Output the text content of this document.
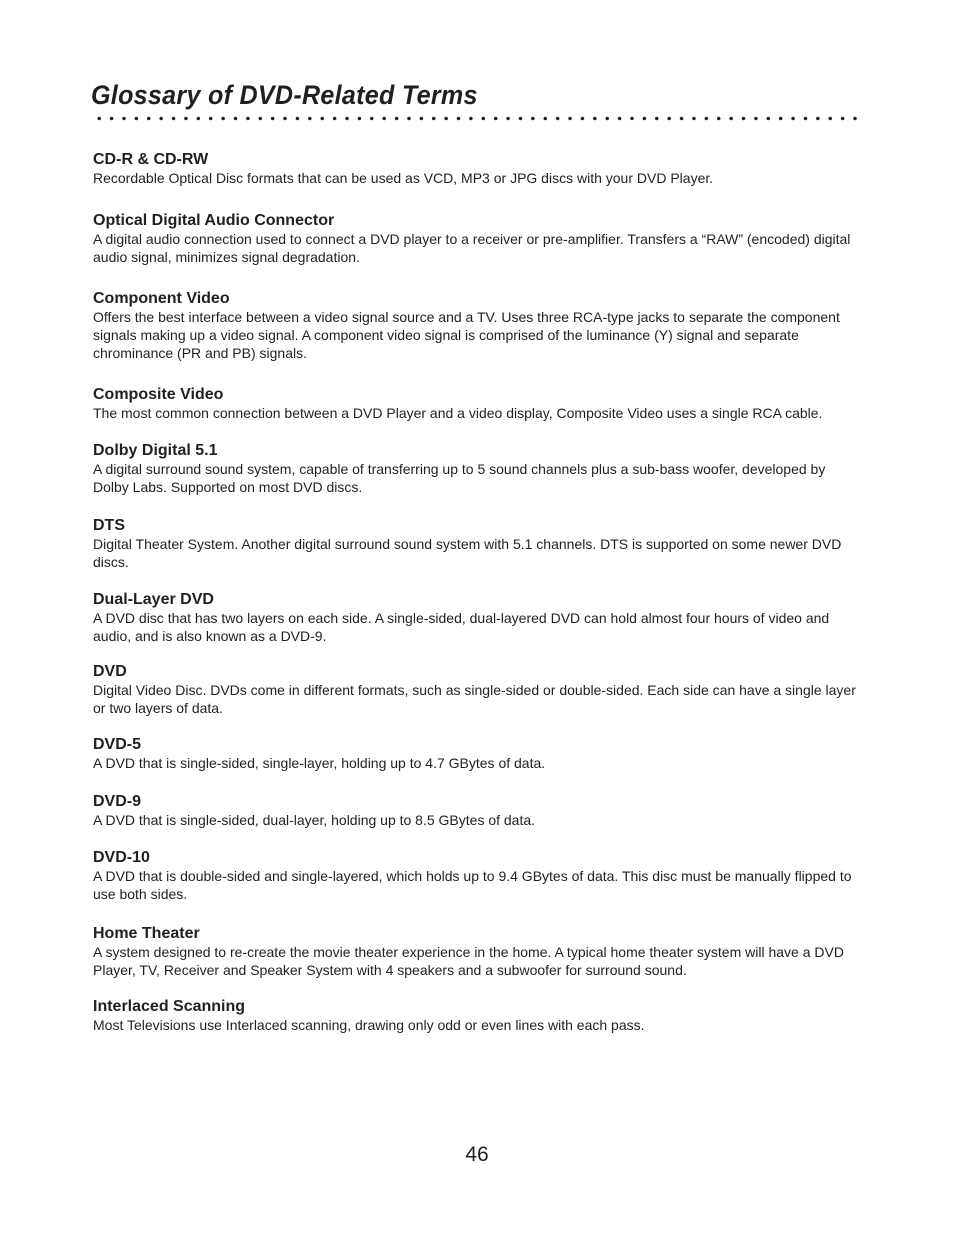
Glossary of DVD-Related Terms
CD-R & CD-RW
Recordable Optical Disc formats that can be used as VCD, MP3 or JPG discs with your DVD Player.
Optical Digital Audio Connector
A digital audio connection used to connect a DVD player to a receiver or pre-amplifier. Transfers a “RAW” (encoded) digital audio signal, minimizes signal degradation.
Component Video
Offers the best interface between a video signal source and a TV. Uses three RCA-type jacks to separate the component signals making up a video signal. A component video signal is comprised of the luminance (Y) signal and separate chrominance (PR and PB) signals.
Composite Video
The most common connection between a DVD Player and a video display, Composite Video uses a single RCA cable.
Dolby Digital 5.1
A digital surround sound system, capable of transferring up to 5 sound channels plus a sub-bass woofer, developed by Dolby Labs. Supported on most DVD discs.
DTS
Digital Theater System. Another digital surround sound system with 5.1 channels. DTS is supported on some newer DVD discs.
Dual-Layer DVD
A DVD disc that has two layers on each side. A single-sided, dual-layered DVD can hold almost four hours of video and audio, and is also known as a DVD-9.
DVD
Digital Video Disc. DVDs come in different formats, such as single-sided or double-sided. Each side can have a single layer or two layers of data.
DVD-5
A DVD that is single-sided, single-layer, holding up to 4.7 GBytes of data.
DVD-9
A DVD that is single-sided, dual-layer, holding up to 8.5 GBytes of data.
DVD-10
A DVD that is double-sided and single-layered, which holds up to 9.4 GBytes of data. This disc must be manually flipped to use both sides.
Home Theater
A system designed to re-create the movie theater experience in the home. A typical home theater system will have a DVD Player, TV, Receiver and Speaker System with 4 speakers and a subwoofer for surround sound.
Interlaced Scanning
Most Televisions use Interlaced scanning, drawing only odd or even lines with each pass.
46
